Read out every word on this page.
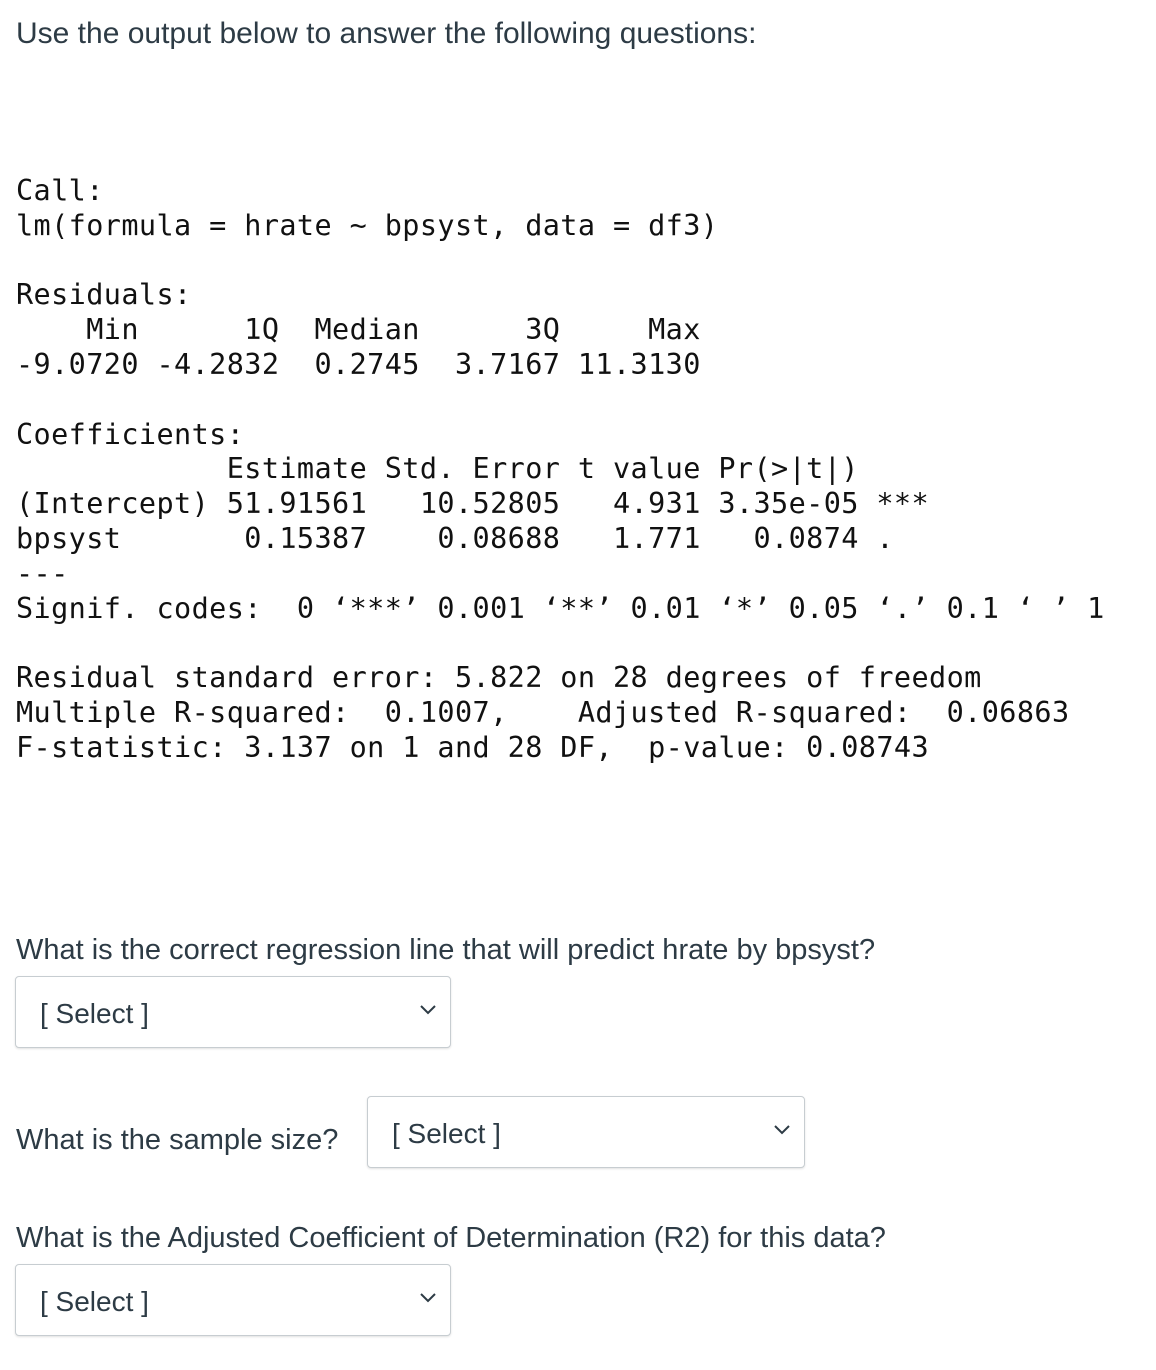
Use the output below to answer the following questions:
Call:
lm(formula = hrate ~ bpsyst, data = df3)
Residuals:
Min      1Q  Median      3Q     Max
-9.0720 -4.2832  0.2745  3.7167 11.3130
Coefficients:
Estimate Std. Error t value Pr(>|t|)
(Intercept) 51.91561   10.52805   4.931 3.35e-05 ***
bpsyst       0.15387    0.08688   1.771   0.0874 .
---
Signif. codes:  0 ‘***’ 0.001 ‘**’ 0.01 ‘*’ 0.05 ‘.’ 0.1 ‘ ’ 1
Residual standard error: 5.822 on 28 degrees of freedom
Multiple R-squared:  0.1007,	Adjusted R-squared:  0.06863
F-statistic: 3.137 on 1 and 28 DF,  p-value: 0.08743
What is the correct regression line that will predict hrate by bpsyst?
[ Select ]
What is the sample size? [ Select ]
What is the Adjusted Coefficient of Determination (R2) for this data?
[ Select ]
